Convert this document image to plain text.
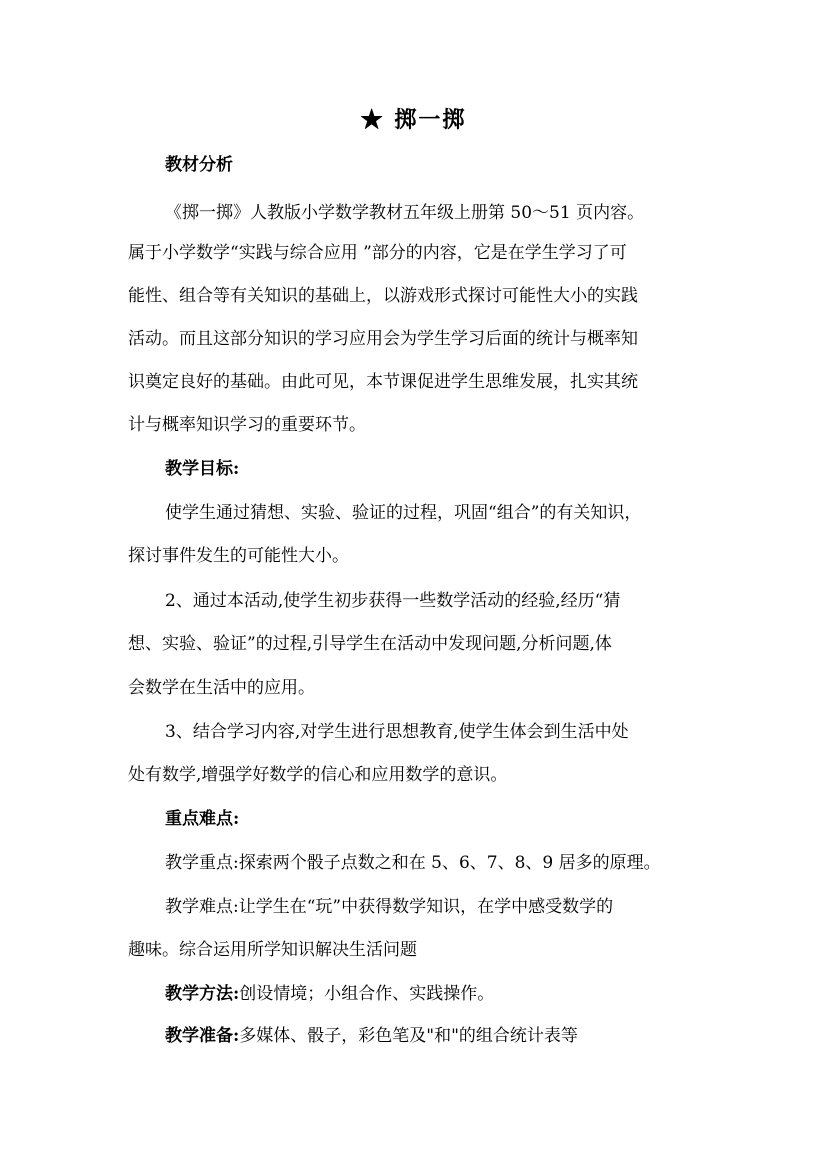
★ 掷一掷

教材分析

《掷一掷》人教版小学数学教材五年级上册第 50～51 页内容。

属于小学数学“实践与综合应用 ”部分的内容，它是在学生学习了可

能性、组合等有关知识的基础上，以游戏形式探讨可能性大小的实践

活动。而且这部分知识的学习应用会为学生学习后面的统计与概率知

识奠定良好的基础。由此可见，本节课促进学生思维发展，扎实其统

计与概率知识学习的重要环节。

教学目标:

使学生通过猜想、实验、验证的过程，巩固“组合”的有关知识，

探讨事件发生的可能性大小。

2、通过本活动,使学生初步获得一些数学活动的经验,经历“猜

想、实验、验证”的过程,引导学生在活动中发现问题,分析问题,体

会数学在生活中的应用。

3、结合学习内容,对学生进行思想教育,使学生体会到生活中处

处有数学,增强学好数学的信心和应用数学的意识。

重点难点:

教学重点:探索两个骰子点数之和在 5、6、7、8、9 居多的原理。

教学难点:让学生在“玩”中获得数学知识，在学中感受数学的

趣味。综合运用所学知识解决生活问题

教学方法:创设情境；小组合作、实践操作。

教学准备:多媒体、骰子，彩色笔及"和"的组合统计表等
